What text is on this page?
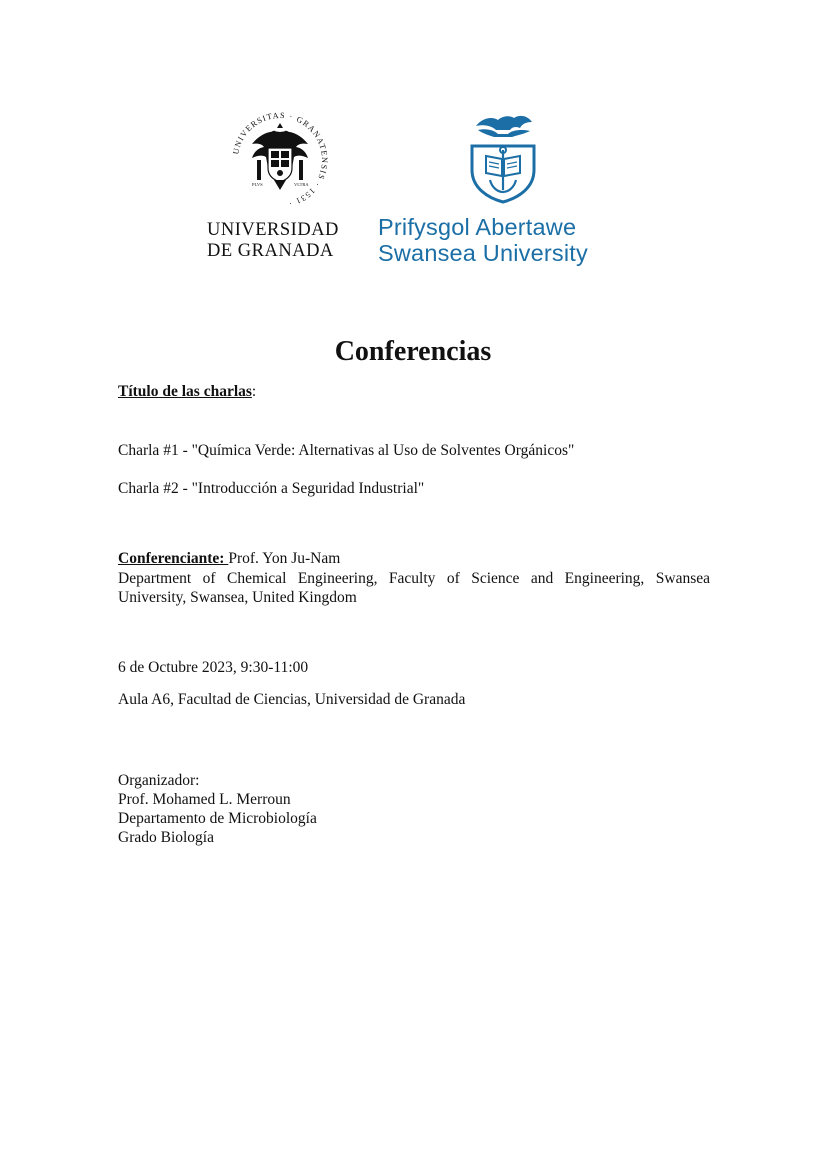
UNIVERSITAS · GRANATENSIS · 1531 ·
PLVS	VLTRA
UNIVERSIDAD
DE GRANADA
Prifysgol Abertawe
Swansea University
Conferencias
Título de las charlas:
Charla #1 - "Química Verde: Alternativas al Uso de Solventes Orgánicos"
Charla #2 - "Introducción a Seguridad Industrial"
Conferenciante: Prof. Yon Ju-Nam
Department of Chemical Engineering, Faculty of Science and Engineering, Swansea University, Swansea, United Kingdom
6 de Octubre 2023, 9:30-11:00
Aula A6, Facultad de Ciencias, Universidad de Granada
Organizador:
Prof. Mohamed L. Merroun
Departamento de Microbiología
Grado Biología
